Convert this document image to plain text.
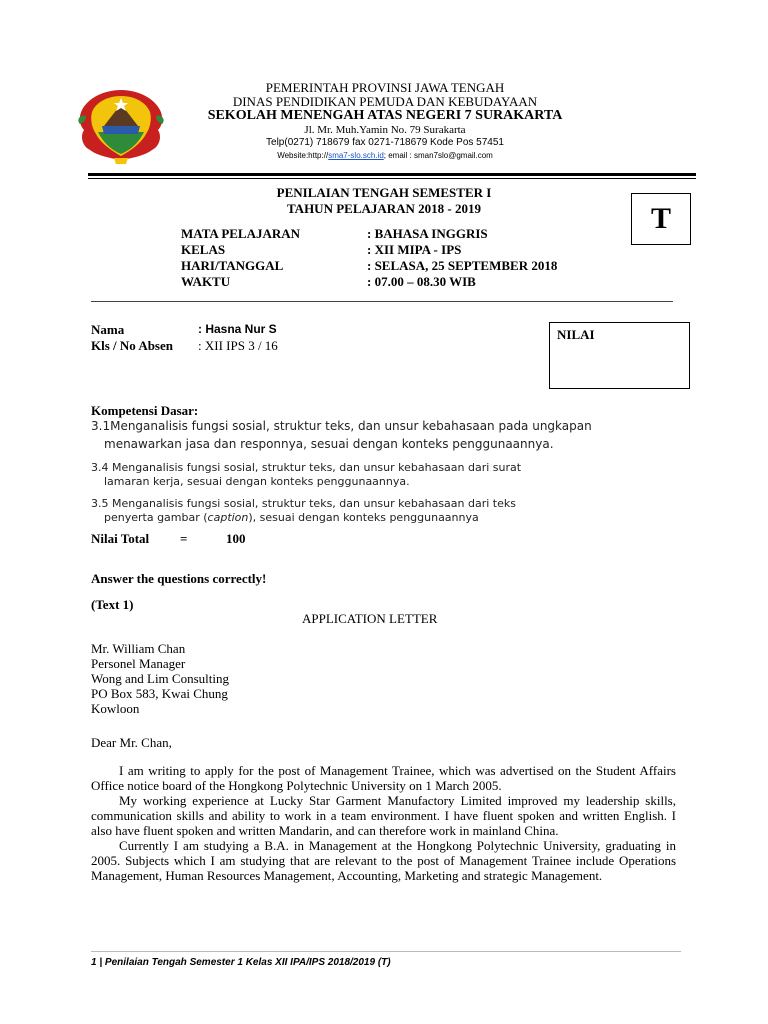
PEMERINTAH PROVINSI JAWA TENGAH
DINAS PENDIDIKAN PEMUDA DAN KEBUDAYAAN
SEKOLAH MENENGAH ATAS NEGERI 7 SURAKARTA
Jl. Mr. Muh.Yamin No. 79 Surakarta
Telp(0271) 718679 fax 0271-718679 Kode Pos 57451
Website:http://sma7-slo.sch.id; email : sman7slo@gmail.com
PENILAIAN TENGAH SEMESTER I
TAHUN PELAJARAN 2018 - 2019	T
MATA PELAJARAN	: BAHASA INGGRIS
KELAS	: XII MIPA - IPS
HARI/TANGGAL	: SELASA, 25 SEPTEMBER 2018
WAKTU	: 07.00 – 08.30 WIB
Nama	: Hasna Nur S
Kls / No Absen : XII IPS 3 / 16
NILAI
Kompetensi Dasar:
3.1Menganalisis fungsi sosial, struktur teks, dan unsur kebahasaan pada ungkapan
menawarkan jasa dan responnya, sesuai dengan konteks penggunaannya.
3.4 Menganalisis fungsi sosial, struktur teks, dan unsur kebahasaan dari surat
lamaran kerja, sesuai dengan konteks penggunaannya.
3.5 Menganalisis fungsi sosial, struktur teks, dan unsur kebahasaan dari teks
penyerta gambar (caption), sesuai dengan konteks penggunaannya
Nilai Total =	100
Answer the questions correctly!
(Text 1)
APPLICATION LETTER
Mr. William Chan
Personel Manager
Wong and Lim Consulting
PO Box 583, Kwai Chung
Kowloon
Dear Mr. Chan,

I am writing to apply for the post of Management Trainee, which was advertised on the Student Affairs Office notice board of the Hongkong Polytechnic University on 1 March 2005.

My working experience at Lucky Star Garment Manufactory Limited improved my leadership skills, communication skills and ability to work in a team environment. I have fluent spoken and written English. I also have fluent spoken and written Mandarin, and can therefore work in mainland China.

Currently I am studying a B.A. in Management at the Hongkong Polytechnic University, graduating in 2005. Subjects which I am studying that are relevant to the post of Management Trainee include Operations Management, Human Resources Management, Accounting, Marketing and strategic Management.

1 | Penilaian Tengah Semester 1 Kelas XII IPA/IPS 2018/2019 (T)
